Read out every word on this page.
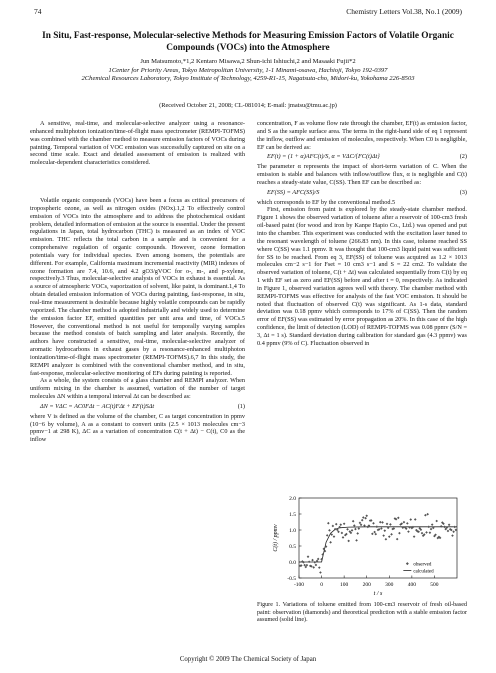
74	Chemistry Letters Vol.38, No.1 (2009)
In Situ, Fast-response, Molecular-selective Methods for Measuring Emission Factors of Volatile Organic Compounds (VOCs) into the Atmosphere
Jun Matsumoto,*1,2 Kentaro Misawa,2 Shun-ichi Ishiuchi,2 and Masaaki Fujii*2
1Center for Priority Areas, Tokyo Metropolitan University, 1-1 Minami-osawa, Hachioji, Tokyo 192-0397
2Chemical Resources Laboratory, Tokyo Institute of Technology, 4259-R1-15, Nagatsuta-cho, Midori-ku, Yokohama 226-8503
(Received October 21, 2008; CL-081014; E-mail: jmatsu@tmu.ac.jp)
A sensitive, real-time, and molecular-selective analyzer using a resonance-enhanced multiphoton ionization/time-of-flight mass spectrometer (REMPI-TOFMS) was combined with the chamber method to measure emission factors of VOCs during painting. Temporal variation of VOC emission was successfully captured on site on a second time scale. Exact and detailed assessment of emission is realized with molecular-dependent characteristics considered.

Volatile organic compounds (VOCs) have been a focus as critical precursors of tropospheric ozone, as well as nitrogen oxides (NOx).1,2 To effectively control emission of VOCs into the atmosphere and to address the photochemical oxidant problem, detailed information of emission at the source is essential. Under the present regulations in Japan, total hydrocarbon (THC) is measured as an index of VOC emission. THC reflects the total carbon in a sample and is convenient for a comprehensive regulation of organic compounds. However, ozone formation potentials vary for individual species. Even among isomers, the potentials are different. For example, California maximum incremental reactivity (MIR) indexes of ozone formation are 7.4, 10.6, and 4.2 gO3/gVOC for o-, m-, and p-xylene, respectively.3 Thus, molecular-selective analysis of VOCs in exhaust is essential. As a source of atmospheric VOCs, vaporization of solvent, like paint, is dominant.1,4 To obtain detailed emission information of VOCs during painting, fast-response, in situ, real-time measurement is desirable because highly volatile compounds can be rapidly vaporized. The chamber method is adopted industrially and widely used to determine the emission factor EF, emitted quantities per unit area and time, of VOCs.5 However, the conventional method is not useful for temporally varying samples because the method consists of batch sampling and later analysis. Recently, the authors have constructed a sensitive, real-time, molecular-selective analyzer of aromatic hydrocarbons in exhaust gases by a resonance-enhanced multiphoton ionization/time-of-flight mass spectrometer (REMPI-TOFMS).6,7 In this study, the REMPI analyzer is combined with the conventional chamber method, and in situ, fast-response, molecular-selective monitoring of EFs during painting is reported.

As a whole, the system consists of a glass chamber and REMPI analyzer. When uniform mixing in the chamber is assumed, variation of the number of target molecules ΔN within a temporal interval Δt can be described as:

ΔN = VΔC = AC0FΔt − AC(t)FΔt + EF(t)SΔt	(1)

where V is defined as the volume of the chamber, C as target concentration in ppmv (10−6 by volume), A as a constant to convert units (2.5 × 1013 molecules cm−3 ppmv−1 at 298 K), ΔC as a variation of concentration C(t + Δt) − C(t), C0 as the inflow

concentration, F as volume flow rate through the chamber, EF(t) as emission factor, and S as the sample surface area. The terms in the right-hand side of eq 1 represent the inflow, outflow and emission of molecules, respectively. When C0 is negligible, EF can be derived as:

EF(t) = (1 + α)AFC(t)/S, α = VΔC/{FC(t)Δt}	(2)

The parameter α represents the impact of short-term variation of C. When the emission is stable and balances with inflow/outflow flux, α is negligible and C(t) reaches a steady-state value, C(SS). Then EF can be described as:

EF(SS) = AFC(SS)/S	(3)

which corresponds to EF by the conventional method.5

First, emission from paint is explored by the steady-state chamber method. Figure 1 shows the observed variation of toluene after a reservoir of 100-cm3 fresh oil-based paint (for wood and iron by Kanpe Hapio Co., Ltd.) was opened and put into the chamber. This experiment was conducted with the excitation laser tuned to the resonant wavelength of toluene (266.83 nm). In this case, toluene reached SS where C(SS) was 1.1 ppmv. It was thought that 100-cm3 liquid paint was sufficient for SS to be reached. From eq 3, EF(SS) of toluene was acquired as 1.2 × 1013 molecules cm−2 s−1 for Fset = 10 cm3 s−1 and S = 22 cm2. To validate the observed variation of toluene, C(t + Δt) was calculated sequentially from C(t) by eq 1 with EF set as zero and EF(SS) before and after t = 0, respectively. As indicated in Figure 1, observed variation agrees well with theory. The chamber method with REMPI-TOFMS was effective for analysis of the fast VOC emission. It should be noted that fluctuation of observed C(t) was significant. As 1-s data, standard deviation was 0.18 ppmv which corresponds to 17% of C(SS). Then the random error of EF(SS) was estimated by error propagation as 20%. In this case of the high confidence, the limit of detection (LOD) of REMPI-TOFMS was 0.08 ppmv (S/N = 3, Δt = 1 s). Standard deviation during calibration for standard gas (4.3 ppmv) was 0.4 ppmv (9% of C). Fluctuation observed in

-100	0	100	200	300	400	500
-0.5
0.0
0.5
1.0
1.5
2.0
t / s
C(t) / ppmv
observed
calculated
Figure 1. Variations of toluene emitted from 100-cm3 reservoir of fresh oil-based paint: observation (diamonds) and theoretical prediction with a stable emission factor assumed (solid line).
Copyright © 2009 The Chemical Society of Japan
